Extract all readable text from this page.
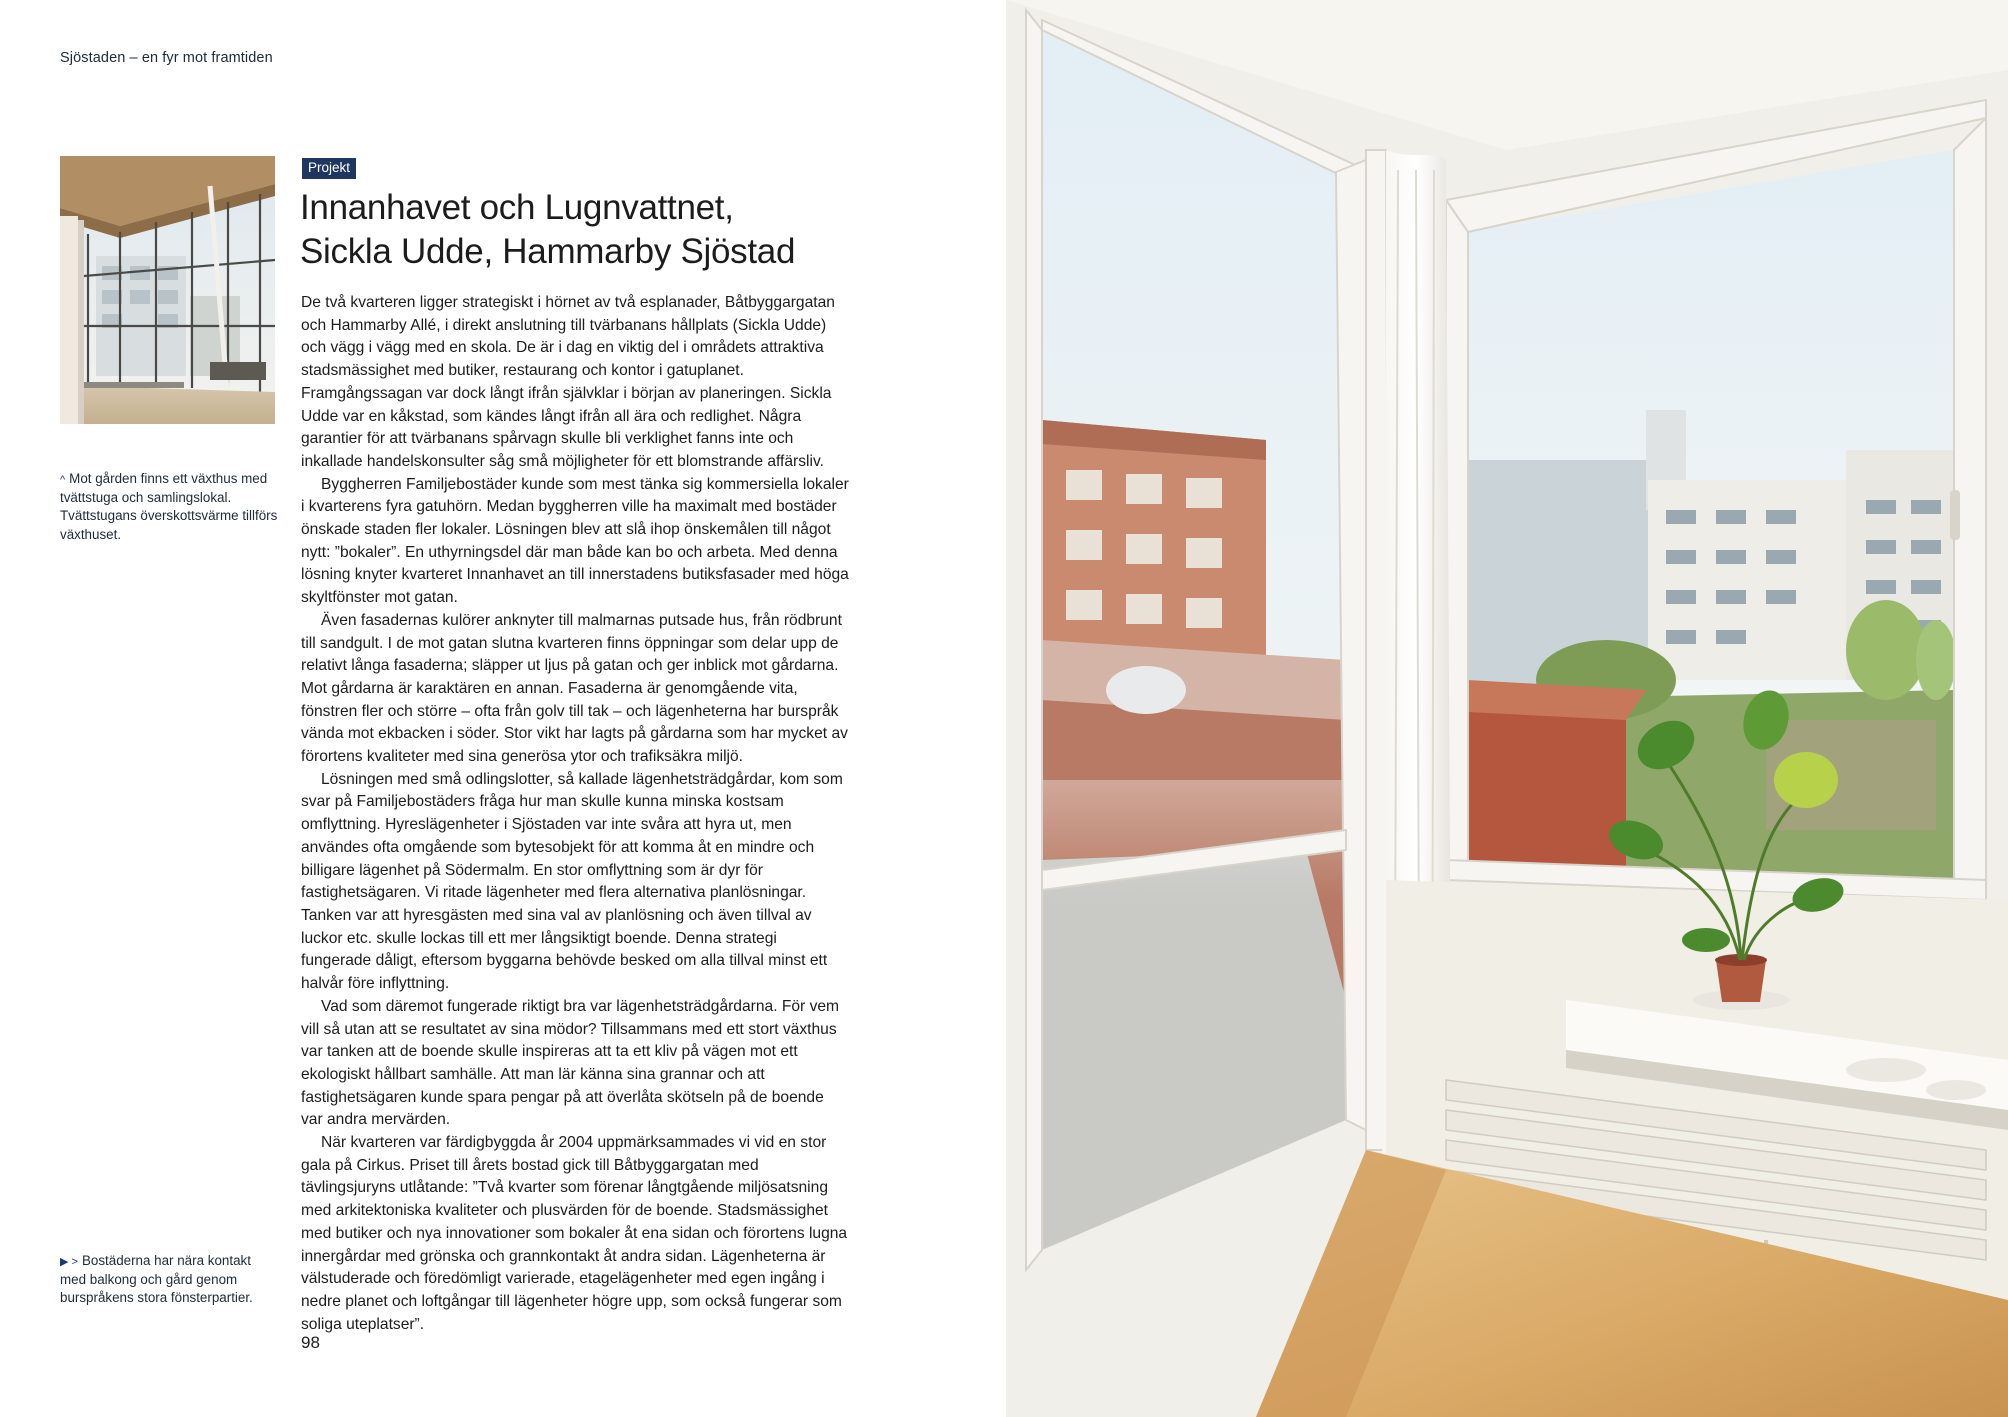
Sjöstaden – en fyr mot framtiden
^ Mot gården finns ett växthus med tvättstuga och samlingslokal. Tvättstugans överskottsvärme tillförs växthuset.
Projekt
Innanhavet och Lugnvattnet,
Sickla Udde, Hammarby Sjöstad

De två kvarteren ligger strategiskt i hörnet av två esplanader, Båtbyggargatan och Hammarby Allé, i direkt anslutning till tvärbanans hållplats (Sickla Udde) och vägg i vägg med en skola. De är i dag en viktig del i områdets attraktiva stadsmässighet med butiker, restaurang och kontor i gatuplanet. Framgångssagan var dock långt ifrån självklar i början av planeringen. Sickla Udde var en kåkstad, som kändes långt ifrån all ära och redlighet. Några garantier för att tvärbanans spårvagn skulle bli verklighet fanns inte och inkallade handelskonsulter såg små möjligheter för ett blomstrande affärsliv.

Byggherren Familjebostäder kunde som mest tänka sig kommersiella lokaler i kvarterens fyra gatuhörn. Medan byggherren ville ha maximalt med bostäder önskade staden fler lokaler. Lösningen blev att slå ihop önskemålen till något nytt: ”bokaler”. En uthyrningsdel där man både kan bo och arbeta. Med denna lösning knyter kvarteret Innanhavet an till innerstadens butiksfasader med höga skyltfönster mot gatan.

Även fasadernas kulörer anknyter till malmarnas putsade hus, från rödbrunt till sandgult. I de mot gatan slutna kvarteren finns öppningar som delar upp de relativt långa fasaderna; släpper ut ljus på gatan och ger inblick mot gårdarna. Mot gårdarna är karaktären en annan. Fasaderna är genomgående vita, fönstren fler och större – ofta från golv till tak – och lägenheterna har burspråk vända mot ekbacken i söder. Stor vikt har lagts på gårdarna som har mycket av förortens kvaliteter med sina generösa ytor och trafiksäkra miljö.

Lösningen med små odlingslotter, så kallade lägenhetsträdgårdar, kom som svar på Familjebostäders fråga hur man skulle kunna minska kostsam omflyttning. Hyreslägenheter i Sjöstaden var inte svåra att hyra ut, men användes ofta omgående som bytesobjekt för att komma åt en mindre och billigare lägenhet på Södermalm. En stor omflyttning som är dyr för fastighetsägaren. Vi ritade lägenheter med flera alternativa planlösningar. Tanken var att hyresgästen med sina val av planlösning och även tillval av luckor etc. skulle lockas till ett mer långsiktigt boende. Denna strategi fungerade dåligt, eftersom byggarna behövde besked om alla tillval minst ett halvår före inflyttning.

Vad som däremot fungerade riktigt bra var lägenhetsträdgårdarna. För vem vill så utan att se resultatet av sina mödor? Tillsammans med ett stort växthus var tanken att de boende skulle inspireras att ta ett kliv på vägen mot ett ekologiskt hållbart samhälle. Att man lär känna sina grannar och att fastighetsägaren kunde spara pengar på att överlåta skötseln på de boende var andra mervärden.

När kvarteren var färdigbyggda år 2004 uppmärksammades vi vid en stor gala på Cirkus. Priset till årets bostad gick till Båtbyggargatan med tävlingsjuryns utlåtande: ”Två kvarter som förenar långtgående miljösatsning med arkitektoniska kvaliteter och plusvärden för de boende. Stadsmässighet med butiker och nya innovationer som bokaler åt ena sidan och förortens lugna innergårdar med grönska och grannkontakt åt andra sidan. Lägenheterna är välstuderade och föredömligt varierade, etagelägenheter med egen ingång i nedre planet och loftgångar till lägenheter högre upp, som också fungerar som soliga uteplatser”.

▶ > Bostäderna har nära kontakt med balkong och gård genom burspråkens stora fönsterpartier.
98
